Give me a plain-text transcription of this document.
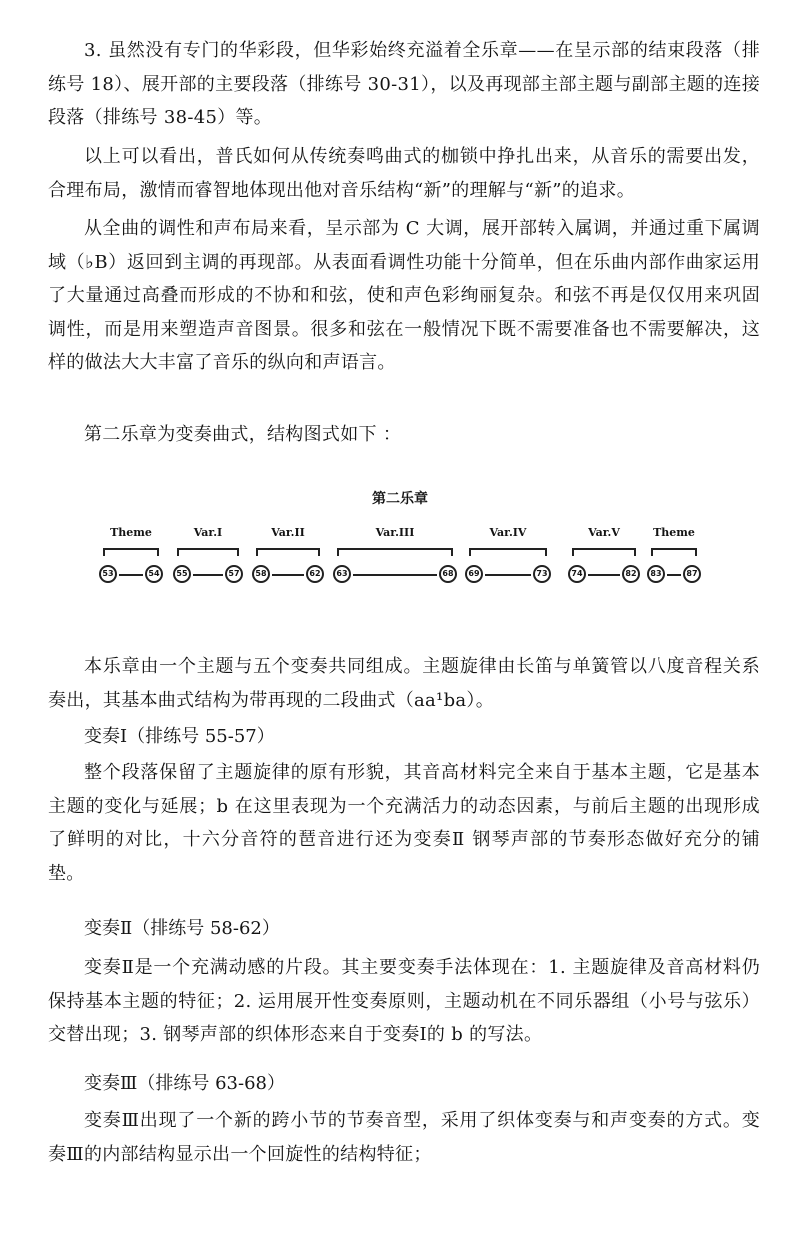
3. 虽然没有专门的华彩段，但华彩始终充溢着全乐章——在呈示部的结束段落（排练号 18）、展开部的主要段落（排练号 30-31），以及再现部主部主题与副部主题的连接段落（排练号 38-45）等。

以上可以看出，普氏如何从传统奏鸣曲式的枷锁中挣扎出来，从音乐的需要出发，合理布局，激情而睿智地体现出他对音乐结构“新”的理解与“新”的追求。

从全曲的调性和声布局来看，呈示部为 C 大调，展开部转入属调，并通过重下属调域（♭B）返回到主调的再现部。从表面看调性功能十分简单，但在乐曲内部作曲家运用了大量通过高叠而形成的不协和和弦，使和声色彩绚丽复杂。和弦不再是仅仅用来巩固调性，而是用来塑造声音图景。很多和弦在一般情况下既不需要准备也不需要解决，这样的做法大大丰富了音乐的纵向和声语言。

第二乐章为变奏曲式，结构图式如下 ：

第二乐章
Theme
53	54
Var.I
55	57
Var.II
58	62
Var.III
63	68
Var.IV
69	73
Var.V
74	82
Theme
83	87

本乐章由一个主题与五个变奏共同组成。主题旋律由长笛与单簧管以八度音程关系奏出，其基本曲式结构为带再现的二段曲式（aa¹ba）。

变奏Ⅰ（排练号 55-57）

整个段落保留了主题旋律的原有形貌，其音高材料完全来自于基本主题，它是基本主题的变化与延展；b 在这里表现为一个充满活力的动态因素，与前后主题的出现形成了鲜明的对比，十六分音符的琶音进行还为变奏Ⅱ 钢琴声部的节奏形态做好充分的铺垫。

变奏Ⅱ（排练号 58-62）

变奏Ⅱ是一个充满动感的片段。其主要变奏手法体现在：1. 主题旋律及音高材料仍保持基本主题的特征；2. 运用展开性变奏原则，主题动机在不同乐器组（小号与弦乐）交替出现；3. 钢琴声部的织体形态来自于变奏Ⅰ的 b 的写法。

变奏Ⅲ（排练号 63-68）

变奏Ⅲ出现了一个新的跨小节的节奏音型，采用了织体变奏与和声变奏的方式。变奏Ⅲ的内部结构显示出一个回旋性的结构特征；
